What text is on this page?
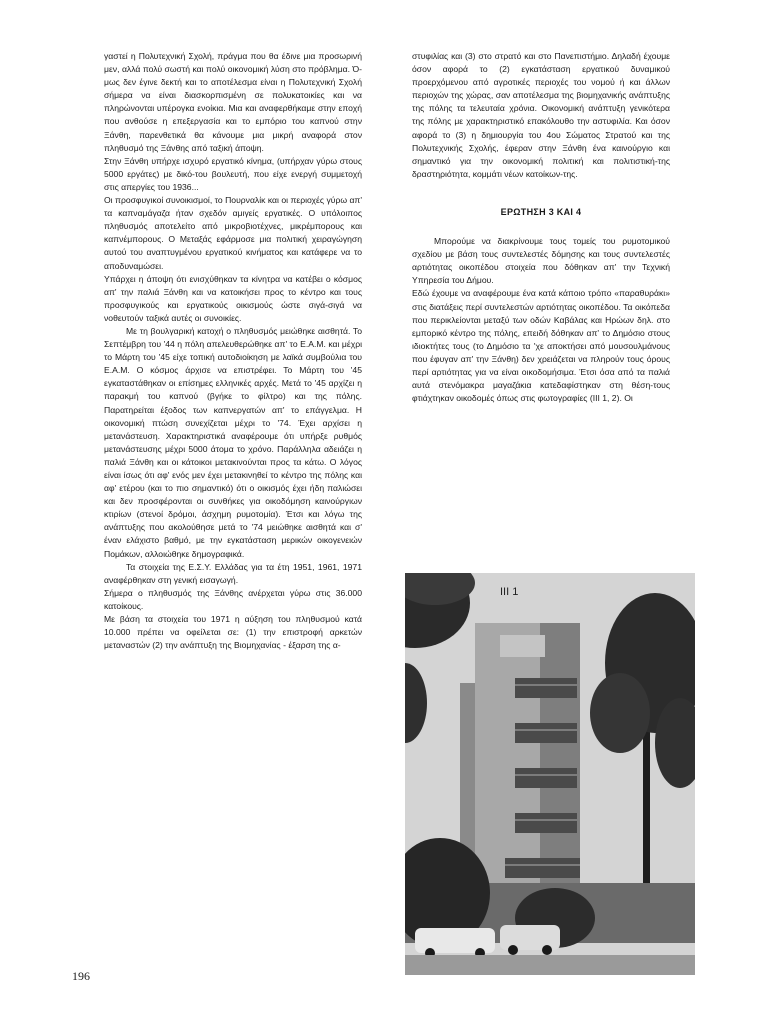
γαστεί η Πολυτεχνική Σχολή, πράγμα που θα έδινε μια προσωρινή μεν, αλλά πολύ σωστή και πολύ οικονομική λύση στο πρόβλημα. Ό-μως δεν έγινε δεκτή και το αποτέλεσμα είναι η Πολυτεχνική Σχολή σήμερα να είναι διασκορπισμένη σε πολυκατοικίες και να πληρώνονται υπέρογκα ενοίκια. Μια και αναφερθήκαμε στην εποχή που ανθούσε η επεξεργασία και το εμπόριο του καπνού στην Ξάνθη, παρενθετικά θα κάνουμε μια μικρή αναφορά στον πληθυσμό της Ξάνθης από ταξική άποψη.

Στην Ξάνθη υπήρχε ισχυρό εργατικό κίνημα, (υπήρχαν γύρω στους 5000 εργάτες) με δικό-του βουλευτή, που είχε ενεργή συμμετοχή στις απεργίες του 1936...

Οι προσφυγικοί συνοικισμοί, το Πουρναλίκ και οι περιοχές γύρω απ' τα καπναμάγαζα ήταν σχεδόν αμιγείς εργατικές. Ο υπόλοιπος πληθυσμός αποτελείτο από μικροβιοτέχνες, μικρέμπορους και καπνέμπορους. Ο Μεταξάς εφάρμοσε μια πολιτική χειραγώγηση αυτού του αναπτυγμένου εργατικού κινήματος και κατάφερε να το αποδυναμώσει.

Υπάρχει η άποψη ότι ενισχύθηκαν τα κίνητρα να κατέβει ο κόσμος απ' την παλιά Ξάνθη και να κατοικήσει προς το κέντρο και τους προσφυγικούς και εργατικούς οικισμούς ώστε σιγά-σιγά να νοθευτούν ταξικά αυτές οι συνοικίες.

Με τη βουλγαρική κατοχή ο πληθυσμός μειώθηκε αισθητά. Το Σεπτέμβρη του '44 η πόλη απελευθερώθηκε απ' το Ε.Α.Μ. και μέχρι το Μάρτη του '45 είχε τοπική αυτοδιοίκηση με λαϊκά συμβούλια του Ε.Α.Μ. Ο κόσμος άρχισε να επιστρέφει. Το Μάρτη του '45 εγκαταστάθηκαν οι επίσημες ελληνικές αρχές. Μετά το '45 αρχίζει η παρακμή του καπνού (βγήκε το φίλτρο) και της πόλης. Παρατηρείται έξοδος των καπνεργατών απ' το επάγγελμα. Η οικονομική πτώση συνεχίζεται μέχρι το '74. Έχει αρχίσει η μετανάστευση. Χαρακτηριστικά αναφέρουμε ότι υπήρξε ρυθμός μετανάστευσης μέχρι 5000 άτομα το χρόνο. Παράλληλα αδειάζει η παλιά Ξάνθη και οι κάτοικοι μετακινούνται προς τα κάτω. Ο λόγος είναι ίσως ότι αφ' ενός μεν έχει μετακινηθεί το κέντρο της πόλης και αφ' ετέρου (και το πιο σημαντικό) ότι ο οικισμός έχει ήδη παλιώσει και δεν προσφέρονται οι συνθήκες για οικοδόμηση καινούργιων κτιρίων (στενοί δρόμοι, άσχημη ρυμοτομία). Έτσι και λόγω της ανάπτυξης που ακολούθησε μετά το '74 μειώθηκε αισθητά και σ' έναν ελάχιστο βαθμό, με την εγκατάσταση μερικών οικογενειών Πομάκων, αλλοιώθηκε δημογραφικά.

Τα στοιχεία της Ε.Σ.Υ. Ελλάδας για τα έτη 1951, 1961, 1971 αναφέρθηκαν στη γενική εισαγωγή.

Σήμερα ο πληθυσμός της Ξάνθης ανέρχεται γύρω στις 36.000 κατοίκους.

Με βάση τα στοιχεία του 1971 η αύξηση του πληθυσμού κατά 10.000 πρέπει να οφείλεται σε: (1) την επιστροφή αρκετών μεταναστών (2) την ανάπτυξη της Βιομηχανίας - έξαρση της α-

στυφιλίας και (3) στο στρατό και στο Πανεπιστήμιο. Δηλαδή έχουμε όσον αφορά το (2) εγκατάσταση εργατικού δυναμικού προερχόμενου από αγροτικές περιοχές του νομού ή και άλλων περιοχών της χώρας, σαν αποτέλεσμα της βιομηχανικής ανάπτυξης της πόλης τα τελευταία χρόνια. Οικονομική ανάπτυξη γενικότερα της πόλης με χαρακτηριστικό επακόλουθο την αστυφιλία. Και όσον αφορά το (3) η δημιουργία του 4ου Σώματος Στρατού και της Πολυτεχνικής Σχολής, έφεραν στην Ξάνθη ένα καινούργιο και σημαντικό για την οικονομική πολιτική και πολιτιστική-της δραστηριότητα, κομμάτι νέων κατοίκων-της.

ΕΡΩΤΗΣΗ 3 ΚΑΙ 4

Μπορούμε να διακρίνουμε τους τομείς του ρυμοτομικού σχεδίου με βάση τους συντελεστές δόμησης και τους συντελεστές αρτιότητας οικοπέδου στοιχεία που δόθηκαν απ' την Τεχνική Υπηρεσία του Δήμου.

Εδώ έχουμε να αναφέρουμε ένα κατά κάποιο τρόπο «παραθυράκι» στις διατάξεις περί συντελεστών αρτιότητας οικοπέδου. Τα οικόπεδα που περικλείονται μεταξύ των οδών Καβάλας και Ηρώων δηλ. στο εμπορικό κέντρο της πόλης, επειδή δόθηκαν απ' το Δημόσιο στους ιδιοκτήτες τους (το Δημόσιο τα 'χε αποκτήσει από μουσουλμάνους που έφυγαν απ' την Ξάνθη) δεν χρειάζεται να πληρούν τους όρους περί αρτιότητας για να είναι οικοδομήσιμα. Έτσι όσα από τα παλιά αυτά στενόμακρα μαγαζάκια κατεδαφίστηκαν στη θέση-τους φτιάχτηκαν οικοδομές όπως στις φωτογραφίες (ΙΙΙ 1, 2). Οι

III 1
196
